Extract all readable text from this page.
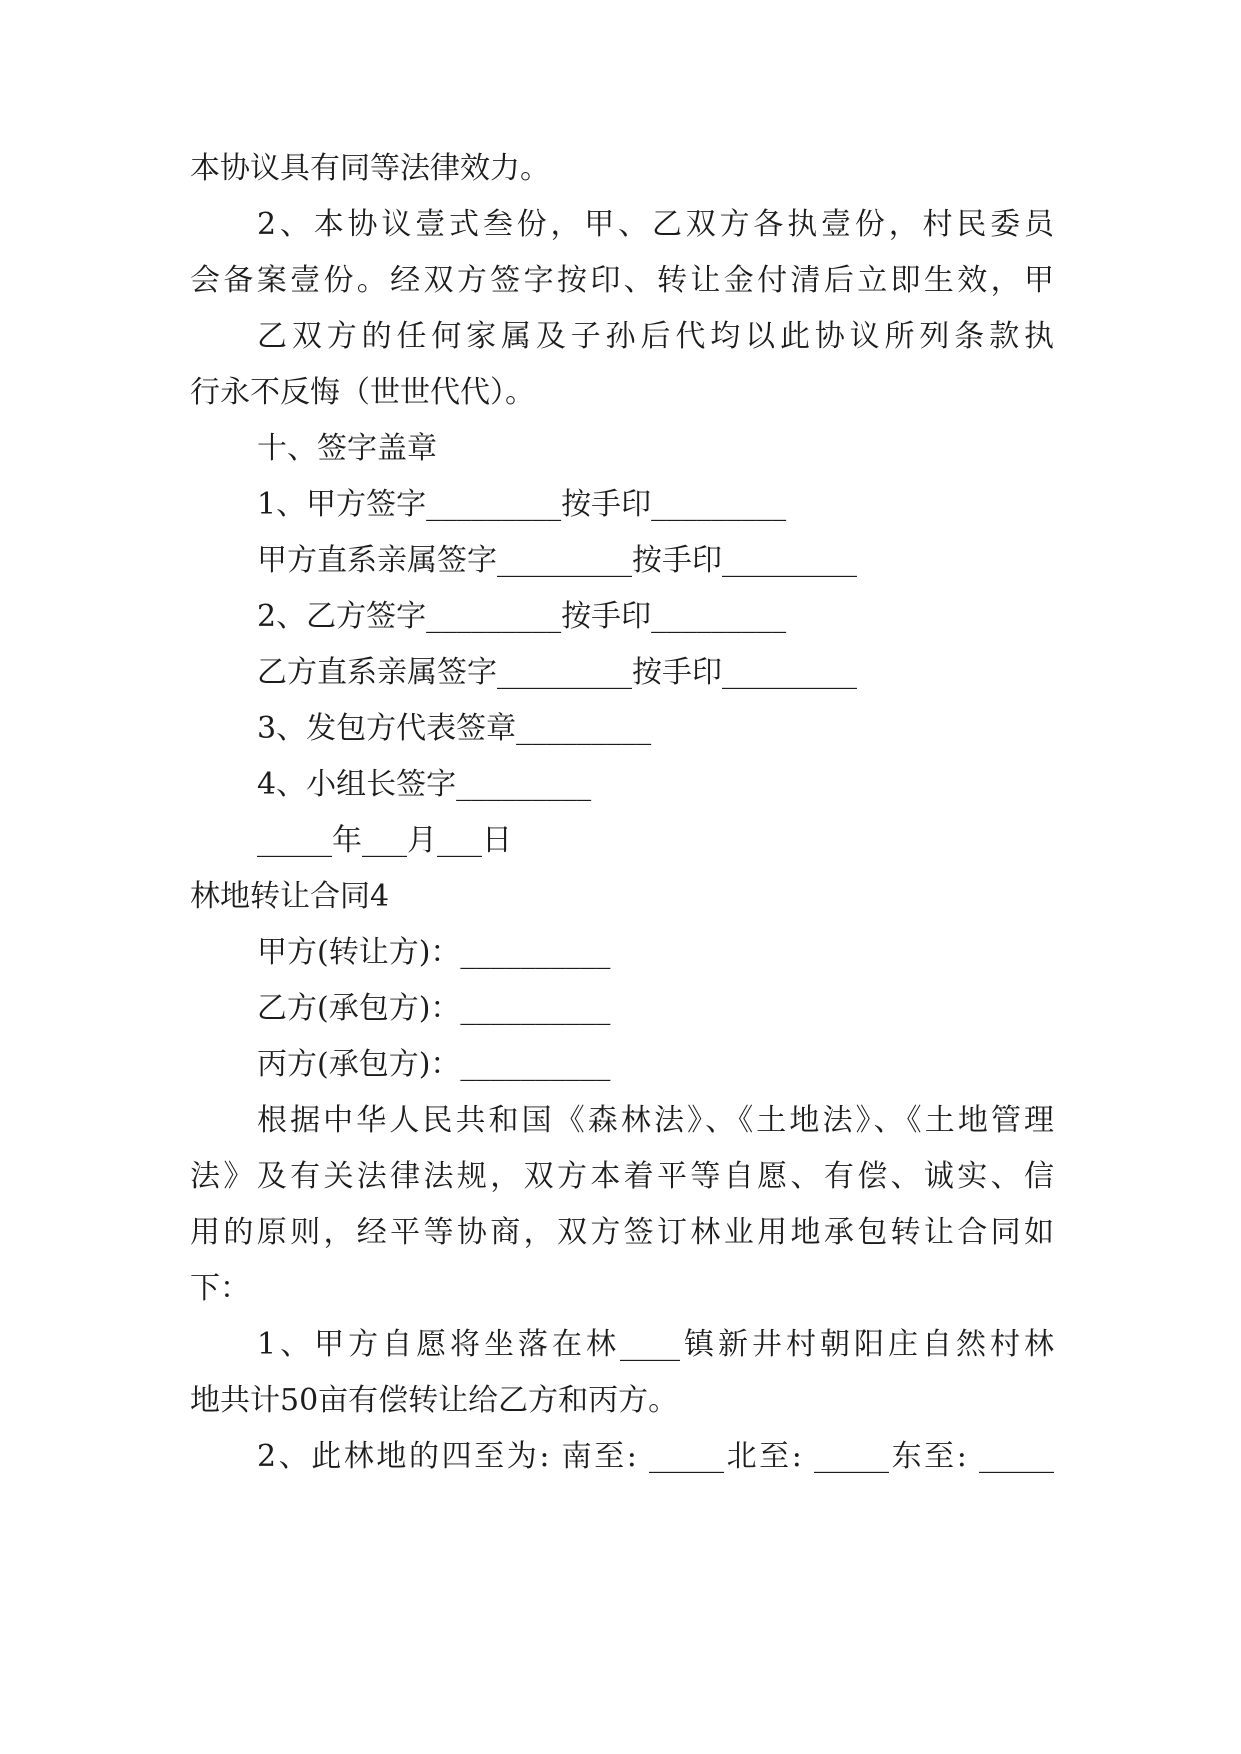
本协议具有同等法律效力。
2、本协议壹式叁份，甲、乙双方各执壹份，村民委员
会备案壹份。经双方签字按印、转让金付清后立即生效，甲
乙双方的任何家属及子孙后代均以此协议所列条款执
行永不反悔（世世代代）。
十、签字盖章
1、甲方签字_________按手印_________
甲方直系亲属签字_________按手印_________
2、乙方签字_________按手印_________
乙方直系亲属签字_________按手印_________
3、发包方代表签章_________
4、小组长签字_________
_____年___月___日
林地转让合同4
甲方(转让方)：__________
乙方(承包方)：__________
丙方(承包方)：__________
根据中华人民共和国《森林法》、《土地法》、《土地管理
法》及有关法律法规，双方本着平等自愿、有偿、诚实、信
用的原则，经平等协商，双方签订林业用地承包转让合同如
下：
1、甲方自愿将坐落在林____镇新井村朝阳庄自然村林
地共计50亩有偿转让给乙方和丙方。
2、此林地的四至为: 南至: _____北至: _____东至: _____
